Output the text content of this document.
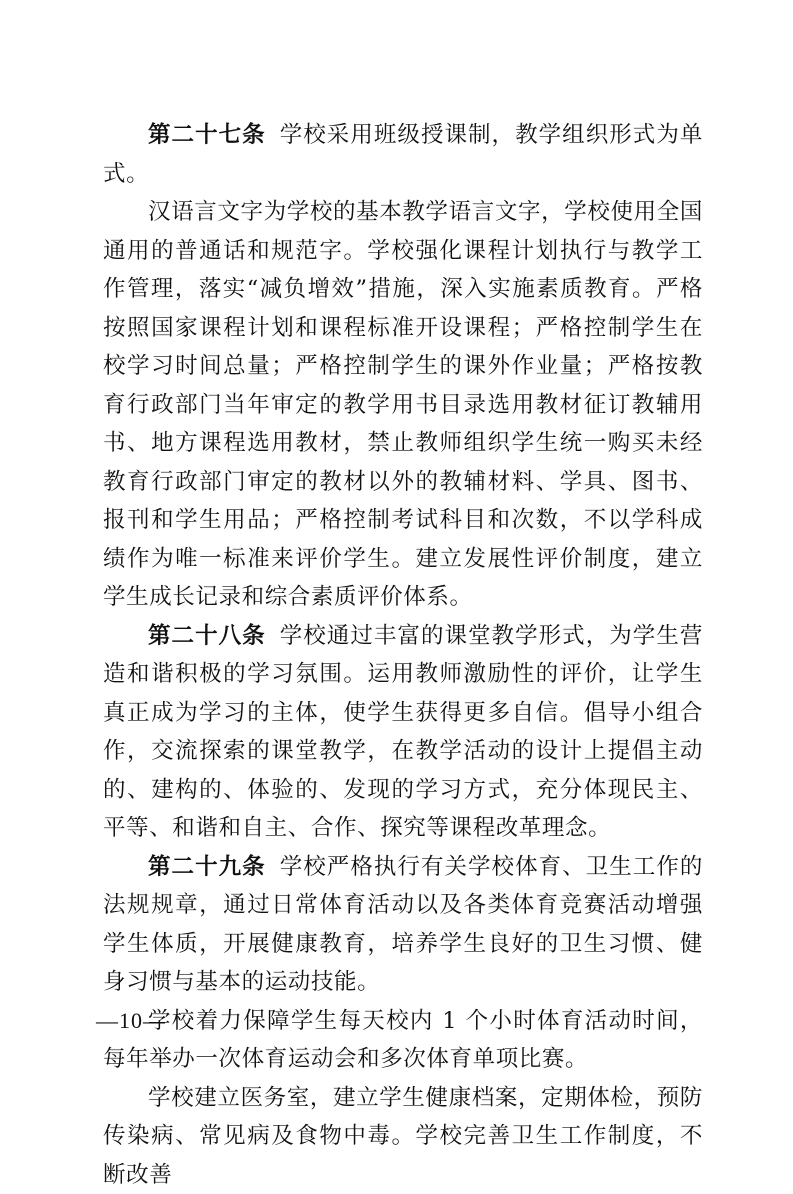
第二十七条 学校采用班级授课制，教学组织形式为单式。

汉语言文字为学校的基本教学语言文字，学校使用全国通用的普通话和规范字。学校强化课程计划执行与教学工作管理，落实“减负增效”措施，深入实施素质教育。严格按照国家课程计划和课程标准开设课程；严格控制学生在校学习时间总量；严格控制学生的课外作业量；严格按教育行政部门当年审定的教学用书目录选用教材征订教辅用书、地方课程选用教材，禁止教师组织学生统一购买未经教育行政部门审定的教材以外的教辅材料、学具、图书、报刊和学生用品；严格控制考试科目和次数，不以学科成绩作为唯一标准来评价学生。建立发展性评价制度，建立学生成长记录和综合素质评价体系。

第二十八条 学校通过丰富的课堂教学形式，为学生营造和谐积极的学习氛围。运用教师激励性的评价，让学生真正成为学习的主体，使学生获得更多自信。倡导小组合作，交流探索的课堂教学，在教学活动的设计上提倡主动的、建构的、体验的、发现的学习方式，充分体现民主、平等、和谐和自主、合作、探究等课程改革理念。

第二十九条 学校严格执行有关学校体育、卫生工作的法规规章，通过日常体育活动以及各类体育竞赛活动增强学生体质，开展健康教育，培养学生良好的卫生习惯、健身习惯与基本的运动技能。

学校着力保障学生每天校内 1 个小时体育活动时间，每年举办一次体育运动会和多次体育单项比赛。

学校建立医务室，建立学生健康档案，定期体检，预防传染病、常见病及食物中毒。学校完善卫生工作制度，不断改善

—10—
